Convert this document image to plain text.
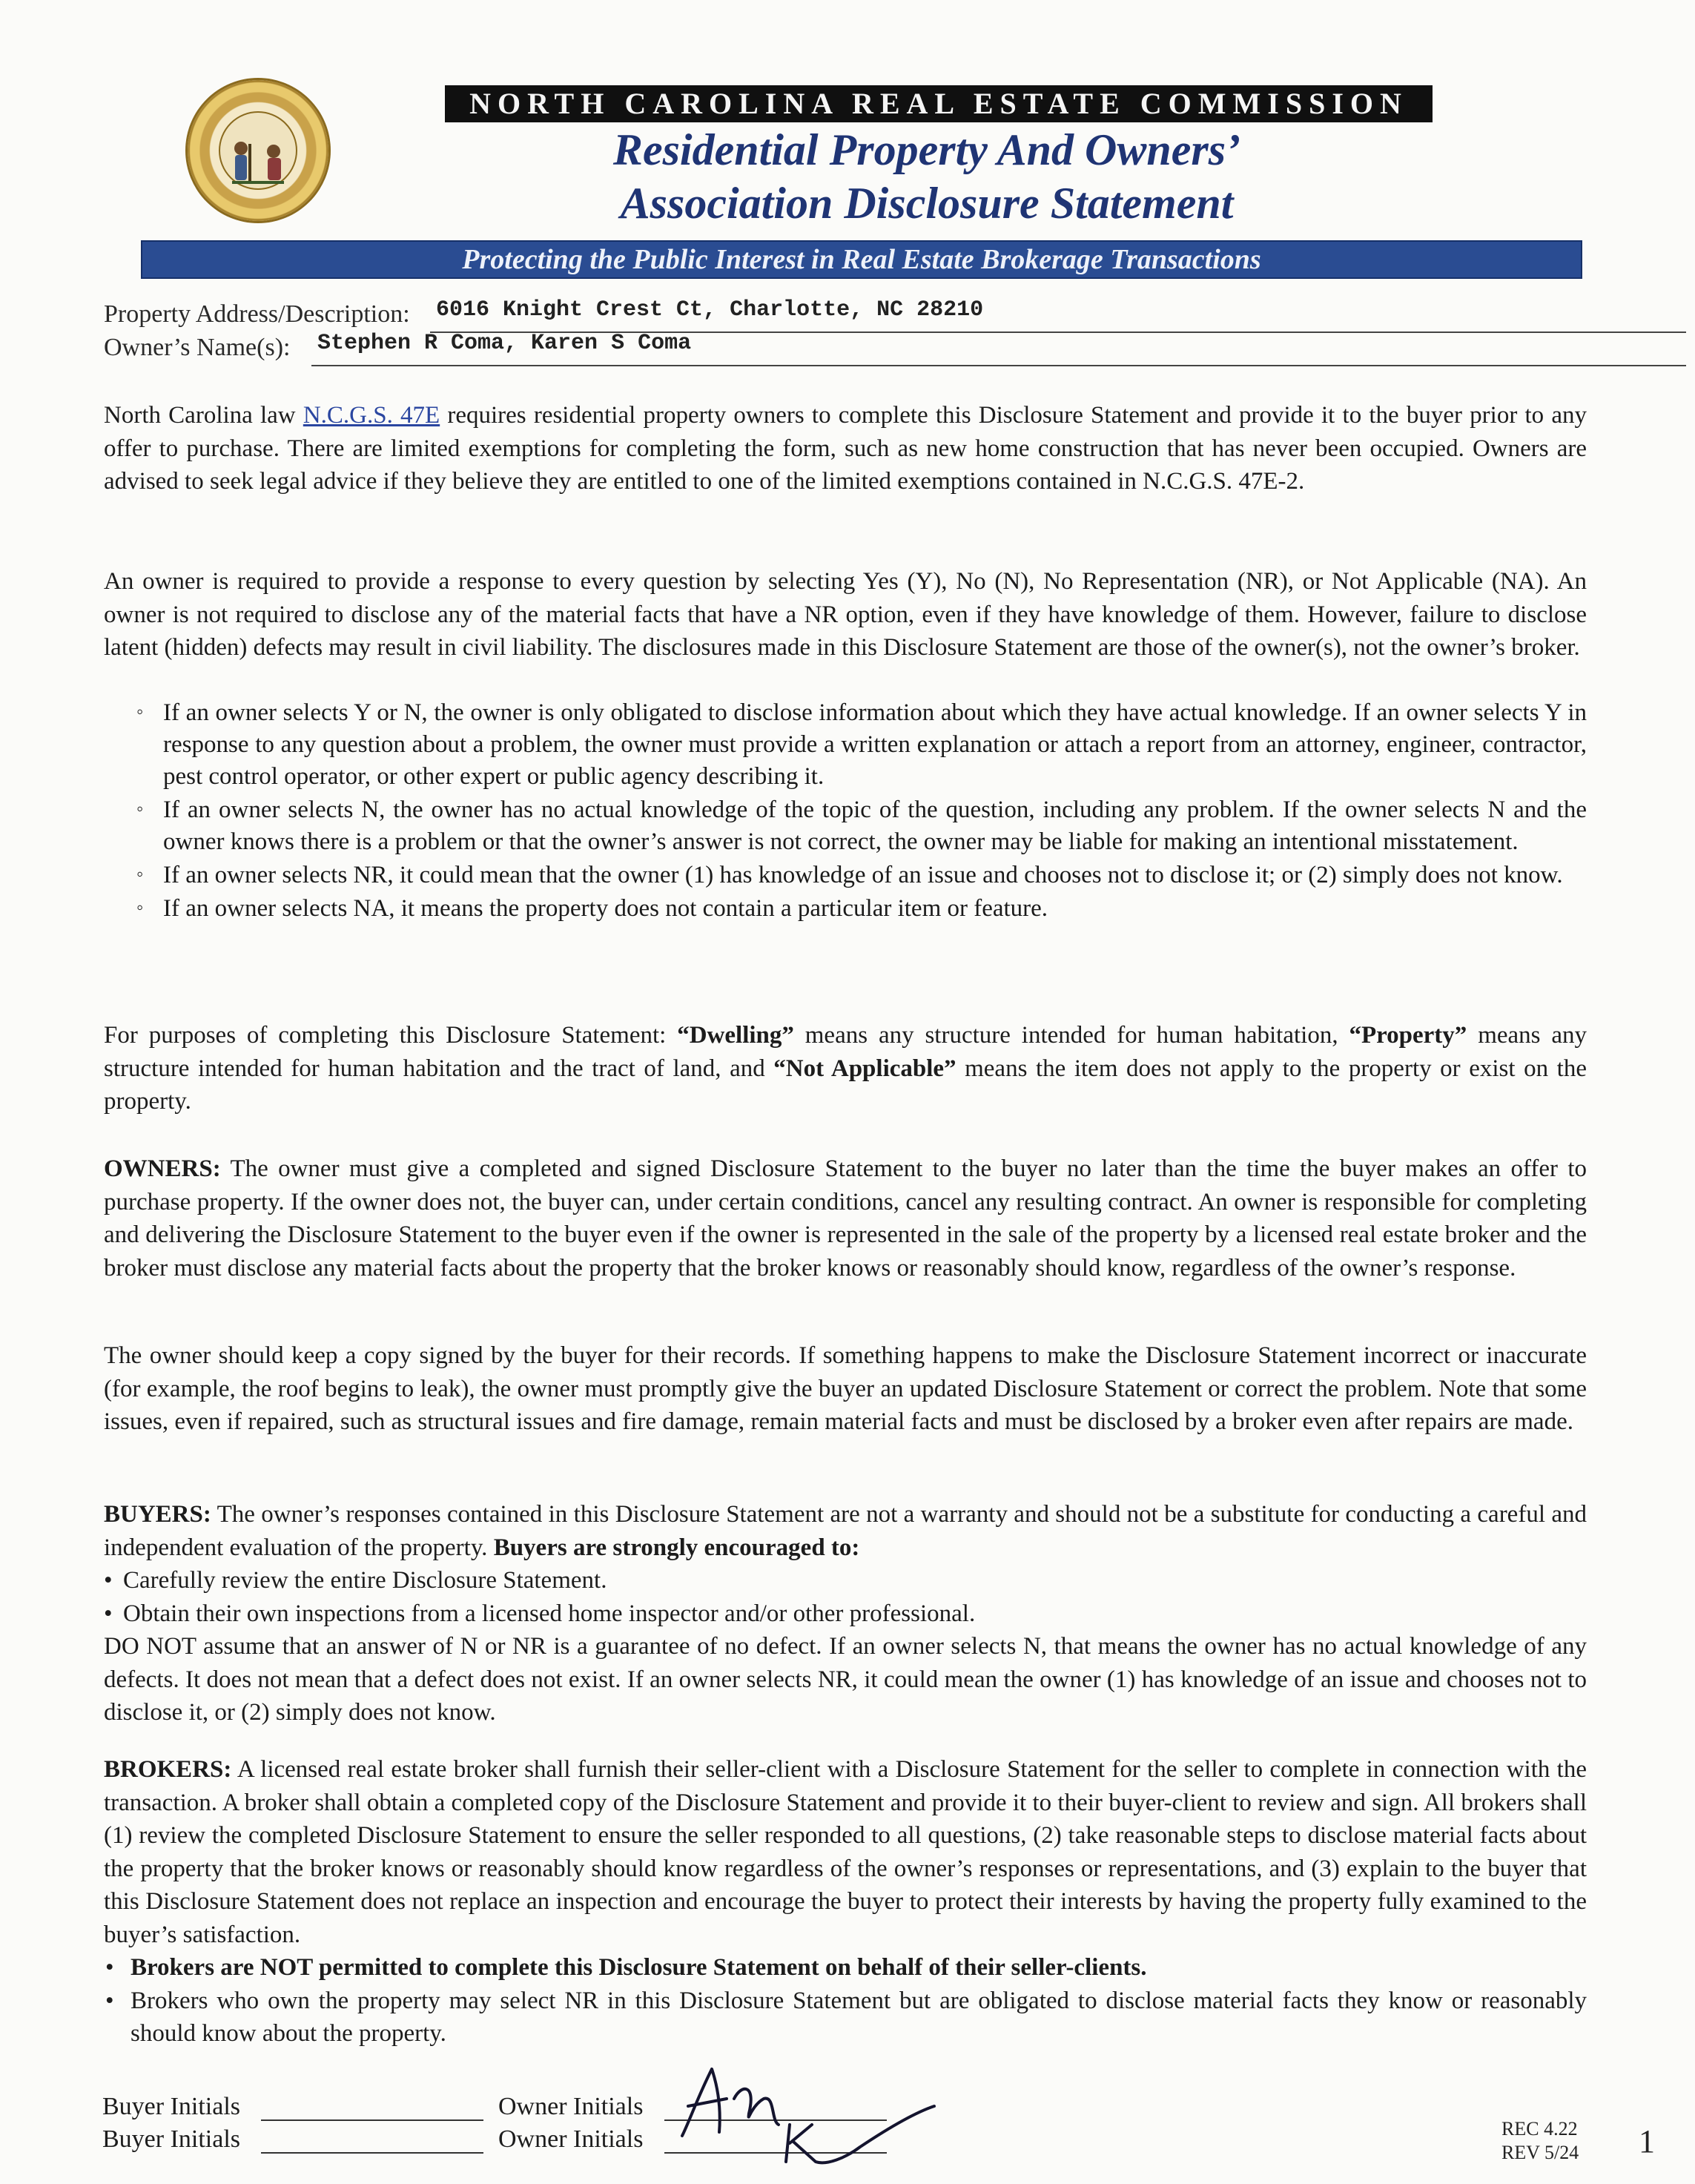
NORTH CAROLINA REAL ESTATE COMMISSION
Residential Property And Owners’
Association Disclosure Statement
Protecting the Public Interest in Real Estate Brokerage Transactions
Property Address/Description: 6016 Knight Crest Ct, Charlotte, NC 28210
Owner’s Name(s): Stephen R Coma, Karen S Coma
North Carolina law N.C.G.S. 47E requires residential property owners to complete this Disclosure Statement and provide it to the buyer prior to any offer to purchase. There are limited exemptions for completing the form, such as new home construction that has never been occupied. Owners are advised to seek legal advice if they believe they are entitled to one of the limited exemptions contained in N.C.G.S. 47E-2.
An owner is required to provide a response to every question by selecting Yes (Y), No (N), No Representation (NR), or Not Applicable (NA). An owner is not required to disclose any of the material facts that have a NR option, even if they have knowledge of them. However, failure to disclose latent (hidden) defects may result in civil liability. The disclosures made in this Disclosure Statement are those of the owner(s), not the owner’s broker.
◦ If an owner selects Y or N, the owner is only obligated to disclose information about which they have actual knowledge. If an owner selects Y in response to any question about a problem, the owner must provide a written explanation or attach a report from an attorney, engineer, contractor, pest control operator, or other expert or public agency describing it.
◦ If an owner selects N, the owner has no actual knowledge of the topic of the question, including any problem. If the owner selects N and the owner knows there is a problem or that the owner’s answer is not correct, the owner may be liable for making an intentional misstatement.
◦ If an owner selects NR, it could mean that the owner (1) has knowledge of an issue and chooses not to disclose it; or (2) simply does not know.
◦ If an owner selects NA, it means the property does not contain a particular item or feature.
For purposes of completing this Disclosure Statement: “Dwelling” means any structure intended for human habitation, “Property” means any structure intended for human habitation and the tract of land, and “Not Applicable” means the item does not apply to the property or exist on the property.
OWNERS: The owner must give a completed and signed Disclosure Statement to the buyer no later than the time the buyer makes an offer to purchase property. If the owner does not, the buyer can, under certain conditions, cancel any resulting contract. An owner is responsible for completing and delivering the Disclosure Statement to the buyer even if the owner is represented in the sale of the property by a licensed real estate broker and the broker must disclose any material facts about the property that the broker knows or reasonably should know, regardless of the owner’s response.
The owner should keep a copy signed by the buyer for their records. If something happens to make the Disclosure Statement incorrect or inaccurate (for example, the roof begins to leak), the owner must promptly give the buyer an updated Disclosure Statement or correct the problem. Note that some issues, even if repaired, such as structural issues and fire damage, remain material facts and must be disclosed by a broker even after repairs are made.
BUYERS: The owner’s responses contained in this Disclosure Statement are not a warranty and should not be a substitute for conducting a careful and independent evaluation of the property. Buyers are strongly encouraged to:
• Carefully review the entire Disclosure Statement.
• Obtain their own inspections from a licensed home inspector and/or other professional.
DO NOT assume that an answer of N or NR is a guarantee of no defect. If an owner selects N, that means the owner has no actual knowledge of any defects. It does not mean that a defect does not exist. If an owner selects NR, it could mean the owner (1) has knowledge of an issue and chooses not to disclose it, or (2) simply does not know.
BROKERS: A licensed real estate broker shall furnish their seller-client with a Disclosure Statement for the seller to complete in connection with the transaction. A broker shall obtain a completed copy of the Disclosure Statement and provide it to their buyer-client to review and sign. All brokers shall (1) review the completed Disclosure Statement to ensure the seller responded to all questions, (2) take reasonable steps to disclose material facts about the property that the broker knows or reasonably should know regardless of the owner’s responses or representations, and (3) explain to the buyer that this Disclosure Statement does not replace an inspection and encourage the buyer to protect their interests by having the property fully examined to the buyer’s satisfaction.
• Brokers are NOT permitted to complete this Disclosure Statement on behalf of their seller-clients.
• Brokers who own the property may select NR in this Disclosure Statement but are obligated to disclose material facts they know or reasonably should know about the property.
Buyer Initials
Buyer Initials
Owner Initials
Owner Initials	REC 4.22
REV 5/24 1
